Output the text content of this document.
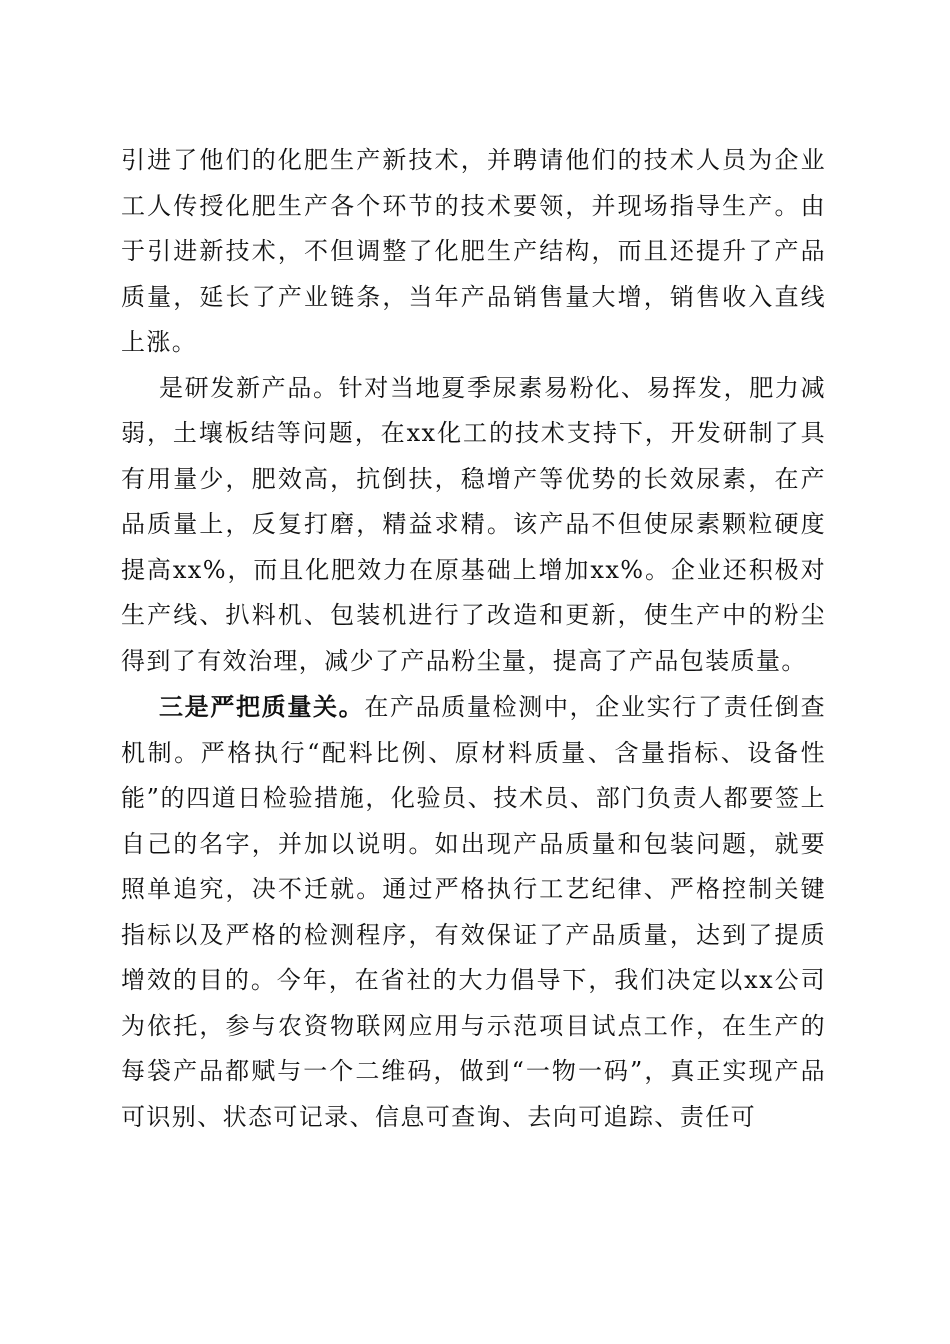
引进了他们的化肥生产新技术，并聘请他们的技术人员为企业工人传授化肥生产各个环节的技术要领，并现场指导生产。由于引进新技术，不但调整了化肥生产结构，而且还提升了产品质量，延长了产业链条，当年产品销售量大增，销售收入直线上涨。

是研发新产品。针对当地夏季尿素易粉化、易挥发，肥力减弱，土壤板结等问题，在xx化工的技术支持下，开发研制了具有用量少，肥效高，抗倒扶，稳增产等优势的长效尿素，在产品质量上，反复打磨，精益求精。该产品不但使尿素颗粒硬度提高xx%，而且化肥效力在原基础上增加xx%。企业还积极对生产线、扒料机、包装机进行了改造和更新，使生产中的粉尘得到了有效治理，减少了产品粉尘量，提高了产品包装质量。

三是严把质量关。在产品质量检测中，企业实行了责任倒查机制。严格执行“配料比例、原材料质量、含量指标、设备性能”的四道日检验措施，化验员、技术员、部门负责人都要签上自己的名字，并加以说明。如出现产品质量和包装问题，就要照单追究，决不迁就。通过严格执行工艺纪律、严格控制关键指标以及严格的检测程序，有效保证了产品质量，达到了提质增效的目的。今年，在省社的大力倡导下，我们决定以xx公司为依托，参与农资物联网应用与示范项目试点工作，在生产的每袋产品都赋与一个二维码，做到“一物一码”，真正实现产品可识别、状态可记录、信息可查询、去向可追踪、责任可
